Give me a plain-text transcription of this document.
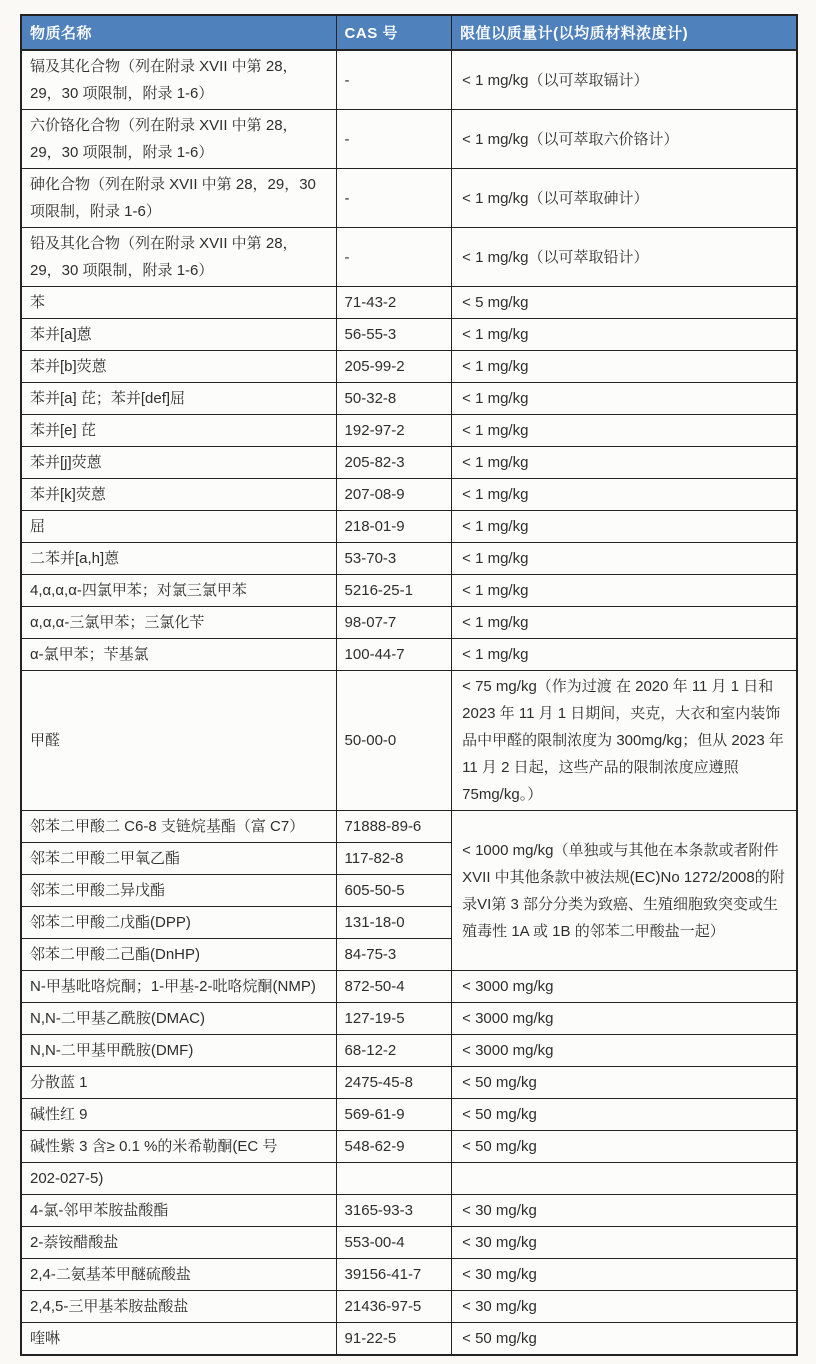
物质名称	CAS 号	限值以质量计(以均质材料浓度计)
镉及其化合物（列在附录 XVII 中第 28，29，30 项限制，附录 1-6）	-	< 1 mg/kg（以可萃取镉计）
六价铬化合物（列在附录 XVII 中第 28，29，30 项限制，附录 1-6）	-	< 1 mg/kg（以可萃取六价铬计）
砷化合物（列在附录 XVII 中第 28，29，30 项限制，附录 1-6）	-	< 1 mg/kg（以可萃取砷计）
铅及其化合物（列在附录 XVII 中第 28，29，30 项限制，附录 1-6）	-	< 1 mg/kg（以可萃取铅计）
苯	71-43-2	< 5 mg/kg
苯并[a]蒽	56-55-3	< 1 mg/kg
苯并[b]荧蒽	205-99-2	< 1 mg/kg
苯并[a] 芘；苯并[def]屈	50-32-8	< 1 mg/kg
苯并[e] 芘	192-97-2	< 1 mg/kg
苯并[j]荧蒽	205-82-3	< 1 mg/kg
苯并[k]荧蒽	207-08-9	< 1 mg/kg
屈	218-01-9	< 1 mg/kg
二苯并[a,h]蒽	53-70-3	< 1 mg/kg
4,α,α,α-四氯甲苯；对氯三氯甲苯	5216-25-1	< 1 mg/kg
α,α,α-三氯甲苯；三氯化苄	98-07-7	< 1 mg/kg
α-氯甲苯；苄基氯	100-44-7	< 1 mg/kg
甲醛	50-00-0	< 75 mg/kg（作为过渡 在 2020 年 11 月 1 日和 2023 年 11 月 1 日期间，夹克，大衣和室内装饰品中甲醛的限制浓度为 300mg/kg；但从 2023 年 11 月 2 日起，这些产品的限制浓度应遵照 75mg/kg。）
邻苯二甲酸二 C6-8 支链烷基酯（富 C7）	71888-89-6	< 1000 mg/kg（单独或与其他在本条款或者附件XVII 中其他条款中被法规(EC)No 1272/2008的附录VI第 3 部分分类为致癌、生殖细胞致突变或生殖毒性 1A 或 1B 的邻苯二甲酸盐一起）
邻苯二甲酸二甲氧乙酯	117-82-8	
邻苯二甲酸二异戊酯	605-50-5	
邻苯二甲酸二戊酯(DPP)	131-18-0	
邻苯二甲酸二己酯(DnHP)	84-75-3	
N-甲基吡咯烷酮；1-甲基-2-吡咯烷酮(NMP)	872-50-4	< 3000 mg/kg
N,N-二甲基乙酰胺(DMAC)	127-19-5	< 3000 mg/kg
N,N-二甲基甲酰胺(DMF)	68-12-2	< 3000 mg/kg
分散蓝 1	2475-45-8	< 50 mg/kg
碱性红 9	569-61-9	< 50 mg/kg
碱性紫 3 含≥ 0.1 %的米希勒酮(EC 号	548-62-9	< 50 mg/kg
202-027-5)		
4-氯-邻甲苯胺盐酸酯	3165-93-3	< 30 mg/kg
2-萘铵醋酸盐	553-00-4	< 30 mg/kg
2,4-二氨基苯甲醚硫酸盐	39156-41-7	< 30 mg/kg
2,4,5-三甲基苯胺盐酸盐	21436-97-5	< 30 mg/kg
喹啉	91-22-5	< 50 mg/kg
